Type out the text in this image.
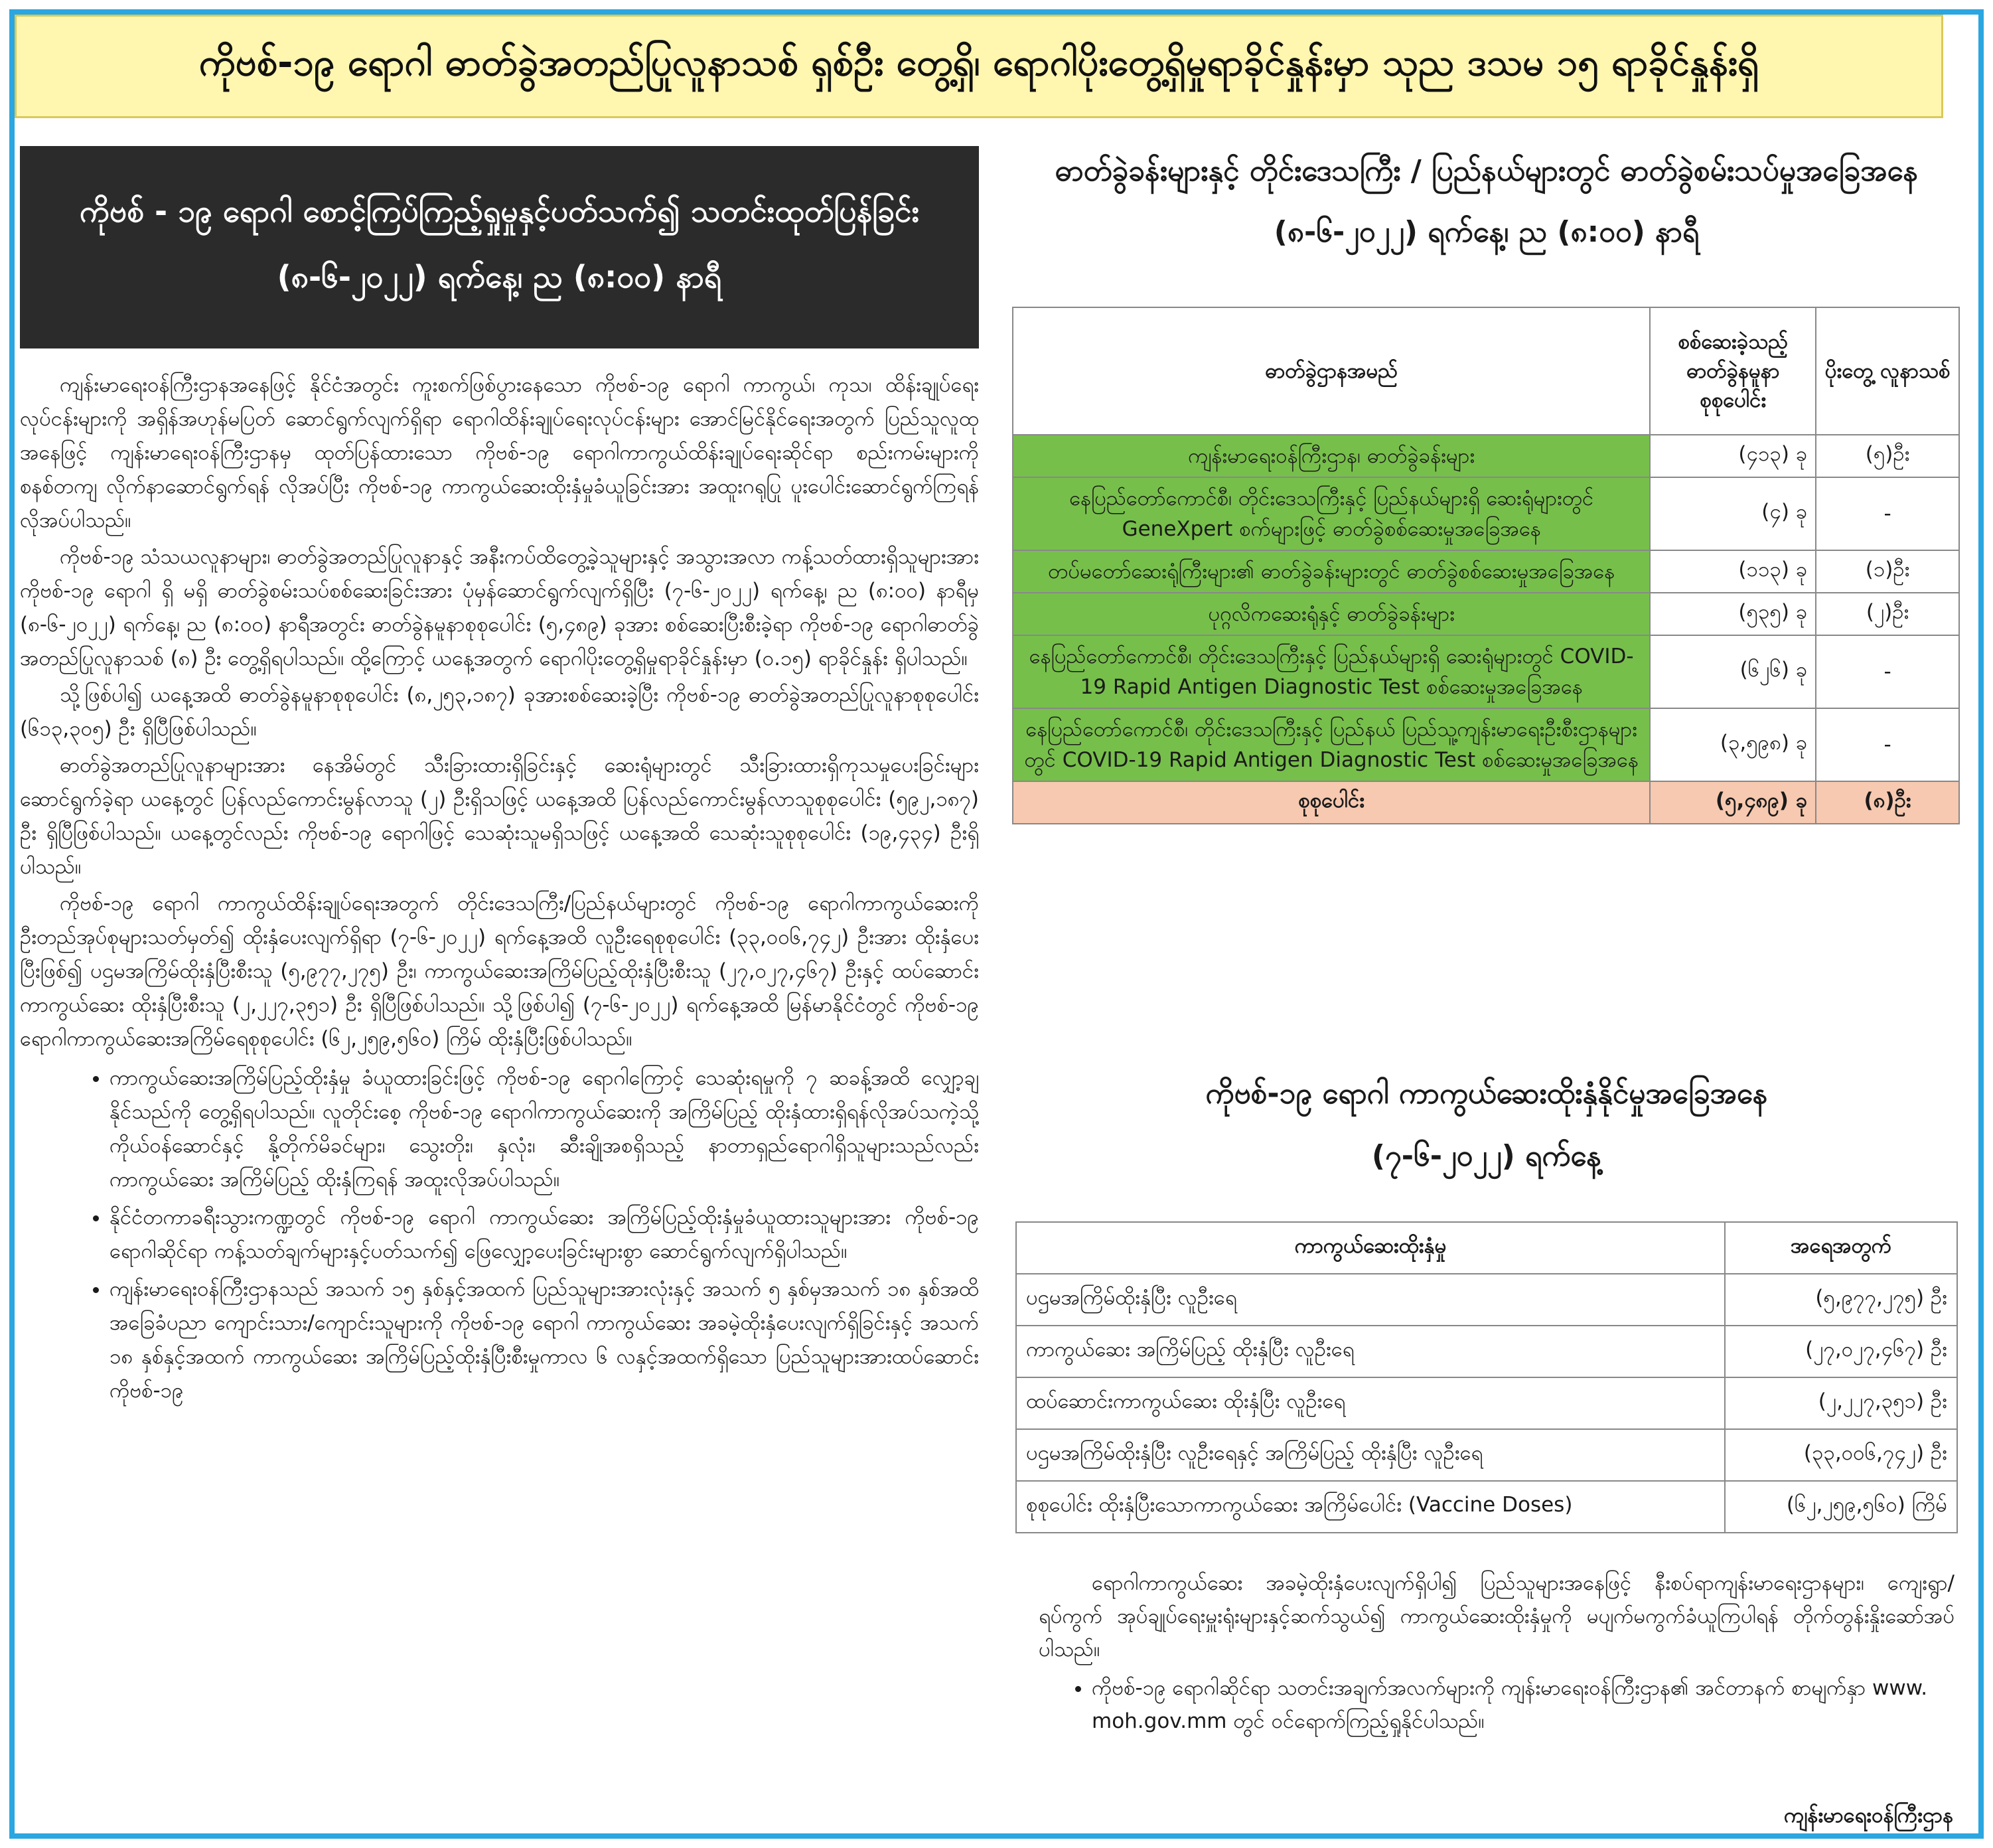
ကိုဗစ်-၁၉ ရောဂါ ဓာတ်ခွဲအတည်ပြုလူနာသစ် ရှစ်ဦး တွေ့ရှိ၊ ရောဂါပိုးတွေ့ရှိမှုရာခိုင်နှုန်းမှာ သုည ဒသမ ၁၅ ရာခိုင်နှုန်းရှိ
ကိုဗစ် - ၁၉ ရောဂါ စောင့်ကြပ်ကြည့်ရှုမှုနှင့်ပတ်သက်၍ သတင်းထုတ်ပြန်ခြင်း
(၈-၆-၂၀၂၂) ရက်နေ့၊ ည (၈:၀၀) နာရီ

ကျန်းမာရေးဝန်ကြီးဌာနအနေဖြင့် နိုင်ငံအတွင်း ကူးစက်ဖြစ်ပွားနေသော ကိုဗစ်-၁၉ ရောဂါ ကာကွယ်၊ ကုသ၊ ထိန်းချုပ်ရေးလုပ်ငန်းများကို အရှိန်အဟုန်မပြတ် ဆောင်ရွက်လျက်ရှိရာ ရောဂါထိန်းချုပ်ရေးလုပ်ငန်းများ အောင်မြင်နိုင်ရေးအတွက် ပြည်သူလူထုအနေဖြင့် ကျန်းမာရေးဝန်ကြီးဌာနမှ ထုတ်ပြန်ထားသော ကိုဗစ်-၁၉ ရောဂါကာကွယ်ထိန်းချုပ်ရေးဆိုင်ရာ စည်းကမ်းများကို စနစ်တကျ လိုက်နာဆောင်ရွက်ရန် လိုအပ်ပြီး ကိုဗစ်-၁၉ ကာကွယ်ဆေးထိုးနှံမှုခံယူခြင်းအား အထူးဂရုပြု ပူးပေါင်းဆောင်ရွက်ကြရန် လိုအပ်ပါသည်။

ကိုဗစ်-၁၉ သံသယလူနာများ၊ ဓာတ်ခွဲအတည်ပြုလူနာနှင့် အနီးကပ်ထိတွေ့ခဲ့သူများနှင့် အသွားအလာ ကန့်သတ်ထားရှိသူများအား ကိုဗစ်-၁၉ ရောဂါ ရှိ မရှိ ဓာတ်ခွဲစမ်းသပ်စစ်ဆေးခြင်းအား ပုံမှန်ဆောင်ရွက်လျက်ရှိပြီး (၇-၆-၂၀၂၂) ရက်နေ့၊ ည (၈:၀၀) နာရီမှ (၈-၆-၂၀၂၂) ရက်နေ့၊ ည (၈:၀၀) နာရီအတွင်း ဓာတ်ခွဲနမူနာစုစုပေါင်း (၅,၄၈၉) ခုအား စစ်ဆေးပြီးစီးခဲ့ရာ ကိုဗစ်-၁၉ ရောဂါဓာတ်ခွဲအတည်ပြုလူနာသစ် (၈) ဦး တွေ့ရှိရပါသည်။ ထို့ကြောင့် ယနေ့အတွက် ရောဂါပိုးတွေ့ရှိမှုရာခိုင်နှုန်းမှာ (၀.၁၅) ရာခိုင်နှုန်း ရှိပါသည်။

သို့ဖြစ်ပါ၍ ယနေ့အထိ ဓာတ်ခွဲနမူနာစုစုပေါင်း (၈,၂၅၃,၁၈၇) ခုအားစစ်ဆေးခဲ့ပြီး ကိုဗစ်-၁၉ ဓာတ်ခွဲအတည်ပြုလူနာစုစုပေါင်း (၆၁၃,၃၀၅) ဦး ရှိပြီဖြစ်ပါသည်။

ဓာတ်ခွဲအတည်ပြုလူနာများအား နေအိမ်တွင် သီးခြားထားရှိခြင်းနှင့် ဆေးရုံများတွင် သီးခြားထားရှိကုသမှုပေးခြင်းများ ဆောင်ရွက်ခဲ့ရာ ယနေ့တွင် ပြန်လည်ကောင်းမွန်လာသူ (၂) ဦးရှိသဖြင့် ယနေ့အထိ ပြန်လည်ကောင်းမွန်လာသူစုစုပေါင်း (၅၉၂,၁၈၇) ဦး ရှိပြီဖြစ်ပါသည်။ ယနေ့တွင်လည်း ကိုဗစ်-၁၉ ရောဂါဖြင့် သေဆုံးသူမရှိသဖြင့် ယနေ့အထိ သေဆုံးသူစုစုပေါင်း (၁၉,၄၃၄) ဦးရှိပါသည်။

ကိုဗစ်-၁၉ ရောဂါ ကာကွယ်ထိန်းချုပ်ရေးအတွက် တိုင်းဒေသကြီး/ပြည်နယ်များတွင် ကိုဗစ်-၁၉ ရောဂါကာကွယ်ဆေးကို ဦးတည်အုပ်စုများသတ်မှတ်၍ ထိုးနှံပေးလျက်ရှိရာ (၇-၆-၂၀၂၂) ရက်နေ့အထိ လူဦးရေစုစုပေါင်း (၃၃,၀၀၆,၇၄၂) ဦးအား ထိုးနှံပေးပြီးဖြစ်၍ ပဌမအကြိမ်ထိုးနှံပြီးစီးသူ (၅,၉၇၇,၂၇၅) ဦး၊ ကာကွယ်ဆေးအကြိမ်ပြည့်ထိုးနှံပြီးစီးသူ (၂၇,၀၂၇,၄၆၇) ဦးနှင့် ထပ်ဆောင်းကာကွယ်ဆေး ထိုးနှံပြီးစီးသူ (၂,၂၂၇,၃၅၁) ဦး ရှိပြီဖြစ်ပါသည်။ သို့ဖြစ်ပါ၍ (၇-၆-၂၀၂၂) ရက်နေ့အထိ မြန်မာနိုင်ငံတွင် ကိုဗစ်-၁၉ ရောဂါကာကွယ်ဆေးအကြိမ်ရေစုစုပေါင်း (၆၂,၂၅၉,၅၆၀) ကြိမ် ထိုးနှံပြီးဖြစ်ပါသည်။

• ကာကွယ်ဆေးအကြိမ်ပြည့်ထိုးနှံမှု ခံယူထားခြင်းဖြင့် ကိုဗစ်-၁၉ ရောဂါကြောင့် သေဆုံးရမှုကို ၇ ဆခန့်အထိ လျှော့ချနိုင်သည်ကို တွေ့ရှိရပါသည်။ လူတိုင်းစေ့ ကိုဗစ်-၁၉ ရောဂါကာကွယ်ဆေးကို အကြိမ်ပြည့် ထိုးနှံထားရှိရန်လိုအပ်သကဲ့သို့ ကိုယ်ဝန်ဆောင်နှင့် နို့တိုက်မိခင်များ၊ သွေးတိုး၊ နှလုံး၊ ဆီးချိုအစရှိသည့် နာတာရှည်ရောဂါရှိသူများသည်လည်း ကာကွယ်ဆေး အကြိမ်ပြည့် ထိုးနှံကြရန် အထူးလိုအပ်ပါသည်။
• နိုင်ငံတကာခရီးသွားကဏ္ဍတွင် ကိုဗစ်-၁၉ ရောဂါ ကာကွယ်ဆေး အကြိမ်ပြည့်ထိုးနှံမှုခံယူထားသူများအား ကိုဗစ်-၁၉ ရောဂါဆိုင်ရာ ကန့်သတ်ချက်များနှင့်ပတ်သက်၍ ဖြေလျှော့ပေးခြင်းများစွာ ဆောင်ရွက်လျက်ရှိပါသည်။
• ကျန်းမာရေးဝန်ကြီးဌာနသည် အသက် ၁၅ နှစ်နှင့်အထက် ပြည်သူများအားလုံးနှင့် အသက် ၅ နှစ်မှအသက် ၁၈ နှစ်အထိ အခြေခံပညာ ကျောင်းသား/ကျောင်းသူများကို ကိုဗစ်-၁၉ ရောဂါ ကာကွယ်ဆေး အခမဲ့ထိုးနှံပေးလျက်ရှိခြင်းနှင့် အသက် ၁၈ နှစ်နှင့်အထက် ကာကွယ်ဆေး အကြိမ်ပြည့်ထိုးနှံပြီးစီးမှုကာလ ၆ လနှင့်အထက်ရှိသော ပြည်သူများအားထပ်ဆောင်း ကိုဗစ်-၁၉
ဓာတ်ခွဲခန်းများနှင့် တိုင်းဒေသကြီး / ပြည်နယ်များတွင် ဓာတ်ခွဲစမ်းသပ်မှုအခြေအနေ
(၈-၆-၂၀၂၂) ရက်နေ့၊ ည (၈:၀၀) နာရီ
ဓာတ်ခွဲဌာနအမည်	စစ်ဆေးခဲ့သည့် ဓာတ်ခွဲနမူနာ စုစုပေါင်း	ပိုးတွေ့ လူနာသစ်
ကျန်းမာရေးဝန်ကြီးဌာန၊ ဓာတ်ခွဲခန်းများ	(၄၁၃) ခု	(၅)ဦး
နေပြည်တော်ကောင်စီ၊ တိုင်းဒေသကြီးနှင့် ပြည်နယ်များရှိ ဆေးရုံများတွင် GeneXpert စက်များဖြင့် ဓာတ်ခွဲစစ်ဆေးမှုအခြေအနေ	(၄) ခု	-
တပ်မတော်ဆေးရုံကြီးများ၏ ဓာတ်ခွဲခန်းများတွင် ဓာတ်ခွဲစစ်ဆေးမှုအခြေအနေ	(၁၁၃) ခု	(၁)ဦး
ပုဂ္ဂလိကဆေးရုံနှင့် ဓာတ်ခွဲခန်းများ	(၅၃၅) ခု	(၂)ဦး
နေပြည်တော်ကောင်စီ၊ တိုင်းဒေသကြီးနှင့် ပြည်နယ်များရှိ ဆေးရုံများတွင် COVID-19 Rapid Antigen Diagnostic Test စစ်ဆေးမှုအခြေအနေ	(၆၂၆) ခု	-
နေပြည်တော်ကောင်စီ၊ တိုင်းဒေသကြီးနှင့် ပြည်နယ် ပြည်သူ့ကျန်းမာရေးဦးစီးဌာနများတွင် COVID-19 Rapid Antigen Diagnostic Test စစ်ဆေးမှုအခြေအနေ	(၃,၅၉၈) ခု	-
စုစုပေါင်း	(၅,၄၈၉) ခု	(၈)ဦး
ကိုဗစ်-၁၉ ရောဂါ ကာကွယ်ဆေးထိုးနှံနိုင်မှုအခြေအနေ
(၇-၆-၂၀၂၂) ရက်နေ့
ကာကွယ်ဆေးထိုးနှံမှု	အရေအတွက်
ပဌမအကြိမ်ထိုးနှံပြီး လူဦးရေ	(၅,၉၇၇,၂၇၅) ဦး
ကာကွယ်ဆေး အကြိမ်ပြည့် ထိုးနှံပြီး လူဦးရေ	(၂၇,၀၂၇,၄၆၇) ဦး
ထပ်ဆောင်းကာကွယ်ဆေး ထိုးနှံပြီး လူဦးရေ	(၂,၂၂၇,၃၅၁) ဦး
ပဌမအကြိမ်ထိုးနှံပြီး လူဦးရေနှင့် အကြိမ်ပြည့် ထိုးနှံပြီး လူဦးရေ	(၃၃,၀၀၆,၇၄၂) ဦး
စုစုပေါင်း ထိုးနှံပြီးသောကာကွယ်ဆေး အကြိမ်ပေါင်း (Vaccine Doses)	(၆၂,၂၅၉,၅၆၀) ကြိမ်

ရောဂါကာကွယ်ဆေး အခမဲ့ထိုးနှံပေးလျက်ရှိပါ၍ ပြည်သူများအနေဖြင့် နီးစပ်ရာကျန်းမာရေးဌာနများ၊ ကျေးရွာ/ ရပ်ကွက် အုပ်ချုပ်ရေးမှူးရုံးများနှင့်ဆက်သွယ်၍ ကာကွယ်ဆေးထိုးနှံမှုကို မပျက်မကွက်ခံယူကြပါရန် တိုက်တွန်းနှိုးဆော်အပ်ပါသည်။

• ကိုဗစ်-၁၉ ရောဂါဆိုင်ရာ သတင်းအချက်အလက်များကို ကျန်းမာရေးဝန်ကြီးဌာန၏ အင်တာနက် စာမျက်နှာ www. moh.gov.mm တွင် ဝင်ရောက်ကြည့်ရှုနိုင်ပါသည်။
ကျန်းမာရေးဝန်ကြီးဌာန
